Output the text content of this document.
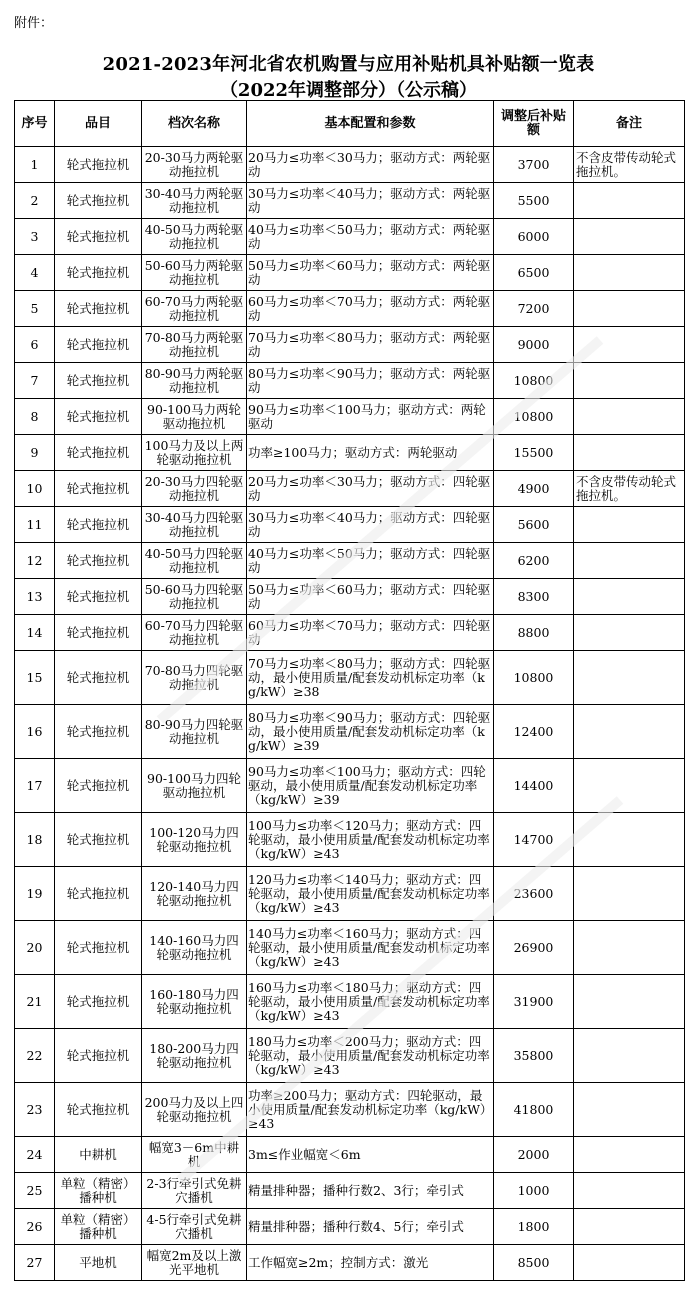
附件：
2021-2023年河北省农机购置与应用补贴机具补贴额一览表
（2022年调整部分）（公示稿）
序号	品目	档次名称	基本配置和参数	调整后补贴额	备注
1	轮式拖拉机	20-30马力两轮驱动拖拉机	20马力≤功率＜30马力；驱动方式：两轮驱动	3700	不含皮带传动轮式拖拉机。
2	轮式拖拉机	30-40马力两轮驱动拖拉机	30马力≤功率＜40马力；驱动方式：两轮驱动	5500	
3	轮式拖拉机	40-50马力两轮驱动拖拉机	40马力≤功率＜50马力；驱动方式：两轮驱动	6000	
4	轮式拖拉机	50-60马力两轮驱动拖拉机	50马力≤功率＜60马力；驱动方式：两轮驱动	6500	
5	轮式拖拉机	60-70马力两轮驱动拖拉机	60马力≤功率＜70马力；驱动方式：两轮驱动	7200	
6	轮式拖拉机	70-80马力两轮驱动拖拉机	70马力≤功率＜80马力；驱动方式：两轮驱动	9000	
7	轮式拖拉机	80-90马力两轮驱动拖拉机	80马力≤功率＜90马力；驱动方式：两轮驱动	10800	
8	轮式拖拉机	90-100马力两轮驱动拖拉机	90马力≤功率＜100马力；驱动方式：两轮驱动	10800	
9	轮式拖拉机	100马力及以上两轮驱动拖拉机	功率≥100马力；驱动方式：两轮驱动	15500	
10	轮式拖拉机	20-30马力四轮驱动拖拉机	20马力≤功率＜30马力；驱动方式：四轮驱动	4900	不含皮带传动轮式拖拉机。
11	轮式拖拉机	30-40马力四轮驱动拖拉机	30马力≤功率＜40马力；驱动方式：四轮驱动	5600	
12	轮式拖拉机	40-50马力四轮驱动拖拉机	40马力≤功率＜50马力；驱动方式：四轮驱动	6200	
13	轮式拖拉机	50-60马力四轮驱动拖拉机	50马力≤功率＜60马力；驱动方式：四轮驱动	8300	
14	轮式拖拉机	60-70马力四轮驱动拖拉机	60马力≤功率＜70马力；驱动方式：四轮驱动	8800	
15	轮式拖拉机	70-80马力四轮驱动拖拉机	70马力≤功率＜80马力；驱动方式：四轮驱动，最小使用质量/配套发动机标定功率（kg/kW）≥38	10800	
16	轮式拖拉机	80-90马力四轮驱动拖拉机	80马力≤功率＜90马力；驱动方式：四轮驱动，最小使用质量/配套发动机标定功率（kg/kW）≥39	12400	
17	轮式拖拉机	90-100马力四轮驱动拖拉机	90马力≤功率＜100马力；驱动方式：四轮驱动，最小使用质量/配套发动机标定功率（kg/kW）≥39	14400	
18	轮式拖拉机	100-120马力四轮驱动拖拉机	100马力≤功率＜120马力；驱动方式：四轮驱动，最小使用质量/配套发动机标定功率（kg/kW）≥43	14700	
19	轮式拖拉机	120-140马力四轮驱动拖拉机	120马力≤功率＜140马力；驱动方式：四轮驱动，最小使用质量/配套发动机标定功率（kg/kW）≥43	23600	
20	轮式拖拉机	140-160马力四轮驱动拖拉机	140马力≤功率＜160马力；驱动方式：四轮驱动，最小使用质量/配套发动机标定功率（kg/kW）≥43	26900	
21	轮式拖拉机	160-180马力四轮驱动拖拉机	160马力≤功率＜180马力；驱动方式：四轮驱动，最小使用质量/配套发动机标定功率（kg/kW）≥43	31900	
22	轮式拖拉机	180-200马力四轮驱动拖拉机	180马力≤功率＜200马力；驱动方式：四轮驱动，最小使用质量/配套发动机标定功率（kg/kW）≥43	35800	
23	轮式拖拉机	200马力及以上四轮驱动拖拉机	功率≥200马力；驱动方式：四轮驱动，最小使用质量/配套发动机标定功率（kg/kW）≥43	41800	
24	中耕机	幅宽3－6m中耕机	3m≤作业幅宽＜6m	2000	
25	单粒（精密）播种机	2-3行牵引式免耕穴播机	精量排种器；播种行数2、3行；牵引式	1000	
26	单粒（精密）播种机	4-5行牵引式免耕穴播机	精量排种器；播种行数4、5行；牵引式	1800	
27	平地机	幅宽2m及以上激光平地机	工作幅宽≥2m；控制方式：激光	8500	
